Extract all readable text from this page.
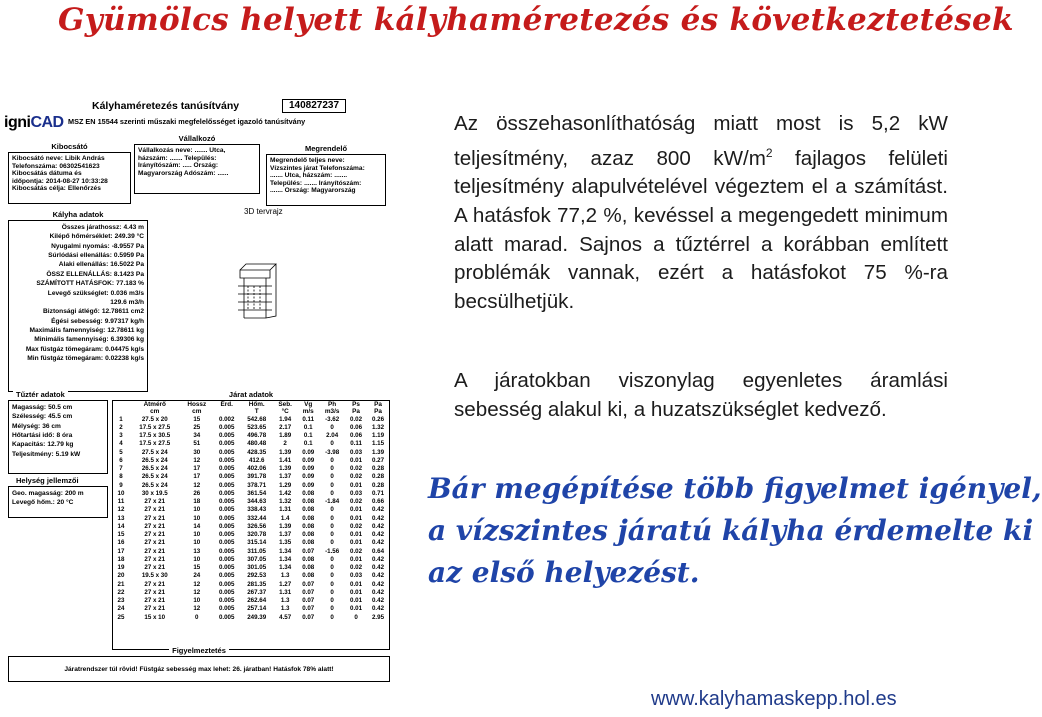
Gyümölcs helyett kályhaméretezés és következtetések
igniCAD
Kályhaméretezés tanúsítvány	140827237
MSZ EN 15544 szerinti műszaki megfelelősséget igazoló tanúsítvány
Kibocsátó
Kibocsátó neve: Libik András
Telefonszáma: 06302541623
Kibocsátás dátuma és
időpontja: 2014-08-27 10:33:28
Kibocsátás célja: Ellenőrzés
Vállalkozó
Vállalkozás neve: ....... Utca,
házszám: ....... Település:
Irányítószám: ..... Ország:
Magyarország Adószám: ......
Megrendelő
Megrendelő teljes neve:
Vízszintes járat Telefonszáma:
....... Utca, házszám: .......
Település: ....... Irányítószám:
....... Ország: Magyarország
3D tervrajz
Kályha adatok
Összes járathossz: 4.43 m
Kilépő hőmérséklet: 249.39 °C
Nyugalmi nyomás: -8.9557 Pa
Súrlódási ellenállás: 0.5959 Pa
Alaki ellenállás: 16.5022 Pa
ÖSSZ ELLENÁLLÁS: 8.1423 Pa
SZÁMÍTOTT HATÁSFOK: 77.183 %
Levegő szükséglet: 0.036 m3/s
129.6 m3/h
Biztonsági átlégő: 12.78611 cm2
Égési sebesség: 9.97317 kg/h
Maximális famennyiség: 12.78611 kg
Minimális famennyiség: 6.39306 kg
Max füstgáz tömegáram: 0.04475 kg/s
Min füstgáz tömegáram: 0.02238 kg/s
Tűztér adatok
Magasság: 50.5 cm
Szélesség: 45.5 cm
Mélység: 36 cm
Hőtartási idő: 8 óra
Kapacitás: 12.79 kg
Teljesítmény: 5.19 kW
Helység jellemzői
Geo. magasság: 200 m
Levegő hőm.: 20 °C
Járat adatok
	Átmérő	Hossz	Érd.	Hőm.	Seb.	Vg	Ph	Ps	Pa
	cm	cm		T	°C	m/s	m3/s	Pa	Pa
1	27.5 x 20	15	0.002	542.68	1.94	0.11	-3.62	0.02	0.26
2	17.5 x 27.5	25	0.005	523.65	2.17	0.1	0	0.06	1.32
3	17.5 x 30.5	34	0.005	496.78	1.89	0.1	2.04	0.06	1.19
4	17.5 x 27.5	51	0.005	480.48	2	0.1	0	0.11	1.15
5	27.5 x 24	30	0.005	428.35	1.39	0.09	-3.98	0.03	1.39
6	26.5 x 24	12	0.005	412.6	1.41	0.09	0	0.01	0.27
7	26.5 x 24	17	0.005	402.06	1.39	0.09	0	0.02	0.28
8	26.5 x 24	17	0.005	391.78	1.37	0.09	0	0.02	0.28
9	26.5 x 24	12	0.005	378.71	1.29	0.09	0	0.01	0.28
10	30 x 19.5	26	0.005	361.54	1.42	0.08	0	0.03	0.71
11	27 x 21	18	0.005	344.63	1.32	0.08	-1.84	0.02	0.66
12	27 x 21	10	0.005	338.43	1.31	0.08	0	0.01	0.42
13	27 x 21	10	0.005	332.44	1.4	0.08	0	0.01	0.42
14	27 x 21	14	0.005	326.56	1.39	0.08	0	0.02	0.42
15	27 x 21	10	0.005	320.78	1.37	0.08	0	0.01	0.42
16	27 x 21	10	0.005	315.14	1.35	0.08	0	0.01	0.42
17	27 x 21	13	0.005	311.05	1.34	0.07	-1.56	0.02	0.64
18	27 x 21	10	0.005	307.05	1.34	0.08	0	0.01	0.42
19	27 x 21	15	0.005	301.05	1.34	0.08	0	0.02	0.42
20	19.5 x 30	24	0.005	292.53	1.3	0.08	0	0.03	0.42
21	27 x 21	12	0.005	281.35	1.27	0.07	0	0.01	0.42
22	27 x 21	12	0.005	267.37	1.31	0.07	0	0.01	0.42
23	27 x 21	10	0.005	262.64	1.3	0.07	0	0.01	0.42
24	27 x 21	12	0.005	257.14	1.3	0.07	0	0.01	0.42
25	15 x 10	0	0.005	249.39	4.57	0.07	0	0	2.95
Figyelmeztetés
Járatrendszer túl rövid! Füstgáz sebesség max lehet: 26. járatban! Hatásfok 78% alatt!
Az összehasonlíthatóság miatt most is 5,2 kW teljesítmény, azaz 800 $kW/m^2$ fajlagos felületi teljesítmény alapulvételével végeztem el a számítást. A hatásfok 77,2 %, kevéssel a megengedett minimum alatt marad. Sajnos a tűztérrel a korábban említett problémák vannak, ezért a hatásfokot 75 %-ra becsülhetjük.
A járatokban viszonylag egyenletes áramlási sebesség alakul ki, a huzatszükséglet kedvező.
Bár megépítése több figyelmet igényel,
a vízszintes járatú kályha érdemelte ki
az első helyezést.
www.kalyhamaskepp.hol.es
